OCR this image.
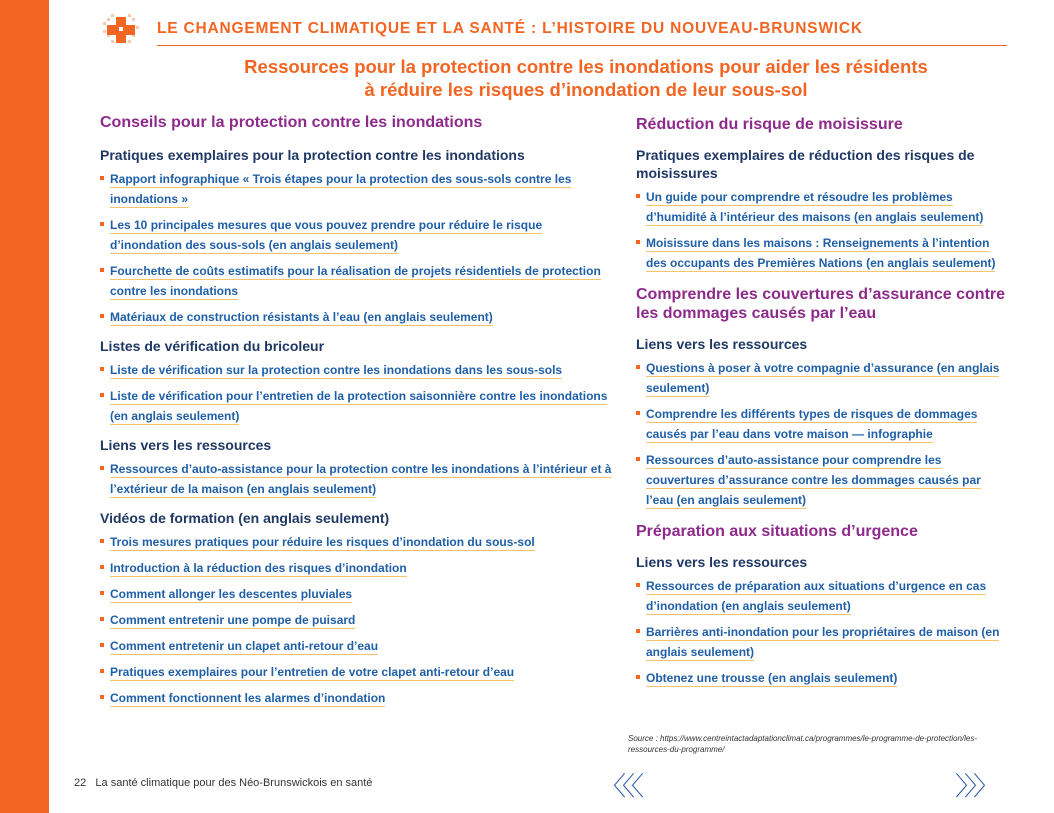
LE CHANGEMENT CLIMATIQUE ET LA SANTÉ : L’HISTOIRE DU NOUVEAU-BRUNSWICK
Ressources pour la protection contre les inondations pour aider les résidents
à réduire les risques d’inondation de leur sous-sol
Conseils pour la protection contre les inondations
Pratiques exemplaires pour la protection contre les inondations
Rapport infographique « Trois étapes pour la protection des sous-sols contre les inondations »
Les 10 principales mesures que vous pouvez prendre pour réduire le risque d’inondation des sous-sols (en anglais seulement)
Fourchette de coûts estimatifs pour la réalisation de projets résidentiels de protection contre les inondations
Matériaux de construction résistants à l’eau (en anglais seulement)
Listes de vérification du bricoleur
Liste de vérification sur la protection contre les inondations dans les sous-sols
Liste de vérification pour l’entretien de la protection saisonnière contre les inondations (en anglais seulement)
Liens vers les ressources
Ressources d’auto-assistance pour la protection contre les inondations à l’intérieur et à l’extérieur de la maison (en anglais seulement)
Vidéos de formation (en anglais seulement)
Trois mesures pratiques pour réduire les risques d’inondation du sous-sol
Introduction à la réduction des risques d’inondation
Comment allonger les descentes pluviales
Comment entretenir une pompe de puisard
Comment entretenir un clapet anti-retour d’eau
Pratiques exemplaires pour l’entretien de votre clapet anti-retour d’eau
Comment fonctionnent les alarmes d’inondation
Réduction du risque de moisissure
Pratiques exemplaires de réduction des risques de moisissures
Un guide pour comprendre et résoudre les problèmes d’humidité à l’intérieur des maisons (en anglais seulement)
Moisissure dans les maisons : Renseignements à l’intention des occupants des Premières Nations (en anglais seulement)
Comprendre les couvertures d’assurance contre les dommages causés par l’eau
Liens vers les ressources
Questions à poser à votre compagnie d’assurance (en anglais seulement)
Comprendre les différents types de risques de dommages causés par l’eau dans votre maison — infographie
Ressources d’auto-assistance pour comprendre les couvertures d’assurance contre les dommages causés par l’eau (en anglais seulement)
Préparation aux situations d’urgence
Liens vers les ressources
Ressources de préparation aux situations d’urgence en cas d’inondation (en anglais seulement)
Barrières anti-inondation pour les propriétaires de maison (en anglais seulement)
Obtenez une trousse (en anglais seulement)
Source : https://www.centreintactadaptationclimat.ca/programmes/le-programme-de-protection/les-ressources-du-programme/
22 La santé climatique pour des Néo-Brunswickois en santé	〈〈〈	〉〉〉
